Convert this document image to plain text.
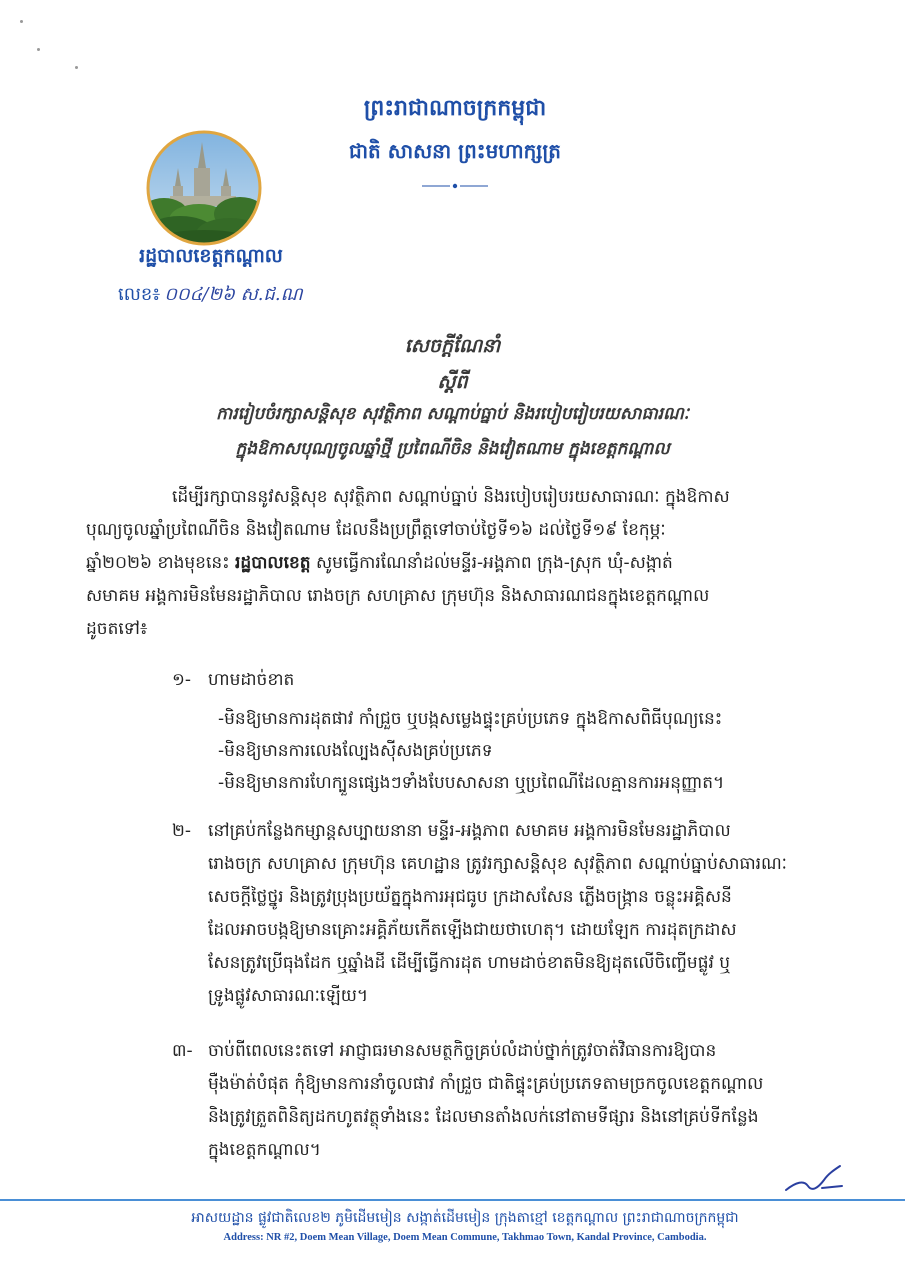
ព្រះរាជាណាចក្រកម្ពុជា
ជាតិ សាសនា ព្រះមហាក្សត្រ
រដ្ឋបាលខេត្តកណ្ដាល
លេខ៖ ០០៤/២៦ ស.ជ.ណ
សេចក្ដីណែនាំ
ស្ដីពី
ការរៀបចំរក្សាសន្ដិសុខ សុវត្ថិភាព សណ្ដាប់ធ្នាប់ និងរបៀបរៀបរយសាធារណៈ
ក្នុងឱកាសបុណ្យចូលឆ្នាំថ្មី ប្រពៃណីចិន និងវៀតណាម ក្នុងខេត្តកណ្ដាល
ដើម្បីរក្សាបាននូវសន្ដិសុខ សុវត្ថិភាព សណ្ដាប់ធ្នាប់ និងរបៀបរៀបរយសាធារណៈ ក្នុងឱកាស
បុណ្យចូលឆ្នាំប្រពៃណីចិន និងវៀតណាម ដែលនឹងប្រព្រឹត្តទៅចាប់ថ្ងៃទី១៦ ដល់ថ្ងៃទី១៩ ខែកុម្ភៈ
ឆ្នាំ២០២៦ ខាងមុខនេះ រដ្ឋបាលខេត្ត សូមធ្វើការណែនាំដល់មន្ទីរ-អង្គភាព ក្រុង-ស្រុក ឃុំ-សង្កាត់
សមាគម អង្គការមិនមែនរដ្ឋាភិបាល រោងចក្រ សហគ្រាស ក្រុមហ៊ុន និងសាធារណជនក្នុងខេត្តកណ្ដាល
ដូចតទៅ៖
១- ហាមដាច់ខាត
-មិនឱ្យមានការដុតផាវ កាំជ្រួច ឬបង្កសម្លេងផ្ទុះគ្រប់ប្រភេទ ក្នុងឱកាសពិធីបុណ្យនេះ
-មិនឱ្យមានការលេងល្បែងស៊ីសងគ្រប់ប្រភេទ
-មិនឱ្យមានការហែក្បួនផ្សេងៗទាំងបែបសាសនា ឬប្រពៃណីដែលគ្មានការអនុញ្ញាត។
២- នៅគ្រប់កន្លែងកម្សាន្តសប្បាយនានា មន្ទីរ-អង្គភាព សមាគម អង្គការមិនមែនរដ្ឋាភិបាល
រោងចក្រ សហគ្រាស ក្រុមហ៊ុន គេហដ្ឋាន ត្រូវរក្សាសន្ដិសុខ សុវត្ថិភាព សណ្ដាប់ធ្នាប់សាធារណៈ
សេចក្ដីថ្លៃថ្នូរ និងត្រូវប្រុងប្រយ័ត្នក្នុងការអុជធូប ក្រដាសសែន ភ្លើងចង្ក្រាន ចន្លុះអគ្គិសនី
ដែលអាចបង្កឱ្យមានគ្រោះអគ្គិភ័យកើតឡើងជាយថាហេតុ។ ដោយឡែក ការដុតក្រដាស
សែនត្រូវប្រើធុងដែក ឬឆ្នាំងដី ដើម្បីធ្វើការដុត ហាមដាច់ខាតមិនឱ្យដុតលើចិញ្ចើមផ្លូវ ឬ
ទ្រូងផ្លូវសាធារណៈឡើយ។
៣- ចាប់ពីពេលនេះតទៅ អាជ្ញាធរមានសមត្ថកិច្ចគ្រប់លំដាប់ថ្នាក់ត្រូវចាត់វិធានការឱ្យបាន
ម៉ឺងម៉ាត់បំផុត កុំឱ្យមានការនាំចូលផាវ កាំជ្រួច ជាតិផ្ទុះគ្រប់ប្រភេទតាមច្រកចូលខេត្តកណ្ដាល
និងត្រូវត្រួតពិនិត្យដកហូតវត្ថុទាំងនេះ ដែលមានតាំងលក់នៅតាមទីផ្សារ និងនៅគ្រប់ទីកន្លែង
ក្នុងខេត្តកណ្ដាល។
អាសយដ្ឋាន ផ្លូវជាតិលេខ២ ភូមិដើមមៀន សង្កាត់ដើមមៀន ក្រុងតាខ្មៅ ខេត្តកណ្ដាល ព្រះរាជាណាចក្រកម្ពុជា
Address: NR #2, Doem Mean Village, Doem Mean Commune, Takhmao Town, Kandal Province, Cambodia.
